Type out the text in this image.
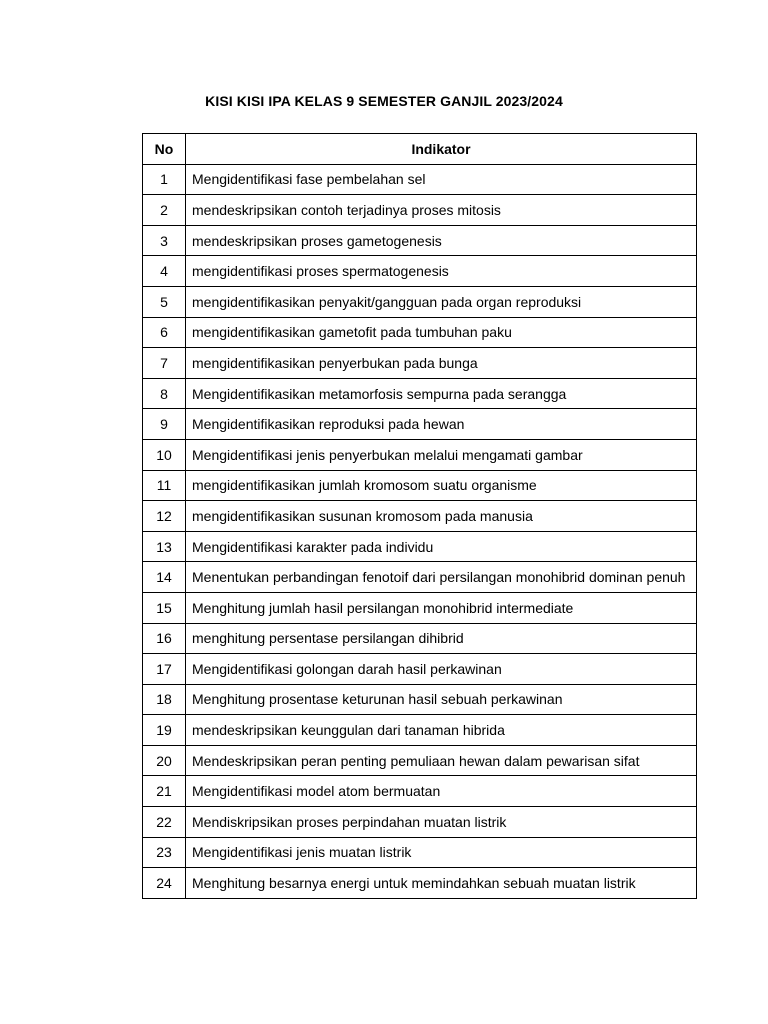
KISI KISI IPA KELAS 9 SEMESTER GANJIL 2023/2024
No	Indikator
1	Mengidentifikasi fase pembelahan sel
2	mendeskripsikan contoh terjadinya proses mitosis
3	mendeskripsikan proses gametogenesis
4	mengidentifikasi proses spermatogenesis
5	mengidentifikasikan penyakit/gangguan pada organ reproduksi
6	mengidentifikasikan gametofit pada tumbuhan paku
7	mengidentifikasikan penyerbukan pada bunga
8	Mengidentifikasikan metamorfosis sempurna pada serangga
9	Mengidentifikasikan reproduksi pada hewan
10	Mengidentifikasi jenis penyerbukan melalui mengamati gambar
11	mengidentifikasikan jumlah kromosom suatu organisme
12	mengidentifikasikan susunan kromosom pada manusia
13	Mengidentifikasi karakter pada individu
14	Menentukan perbandingan fenotoif dari persilangan monohibrid dominan penuh
15	Menghitung jumlah hasil persilangan monohibrid intermediate
16	menghitung persentase persilangan dihibrid
17	Mengidentifikasi golongan darah hasil perkawinan
18	Menghitung prosentase keturunan hasil sebuah perkawinan
19	mendeskripsikan keunggulan dari tanaman hibrida
20	Mendeskripsikan peran penting pemuliaan hewan dalam pewarisan sifat
21	Mengidentifikasi model atom bermuatan
22	Mendiskripsikan proses perpindahan muatan listrik
23	Mengidentifikasi jenis muatan listrik
24	Menghitung besarnya energi untuk memindahkan sebuah muatan listrik
